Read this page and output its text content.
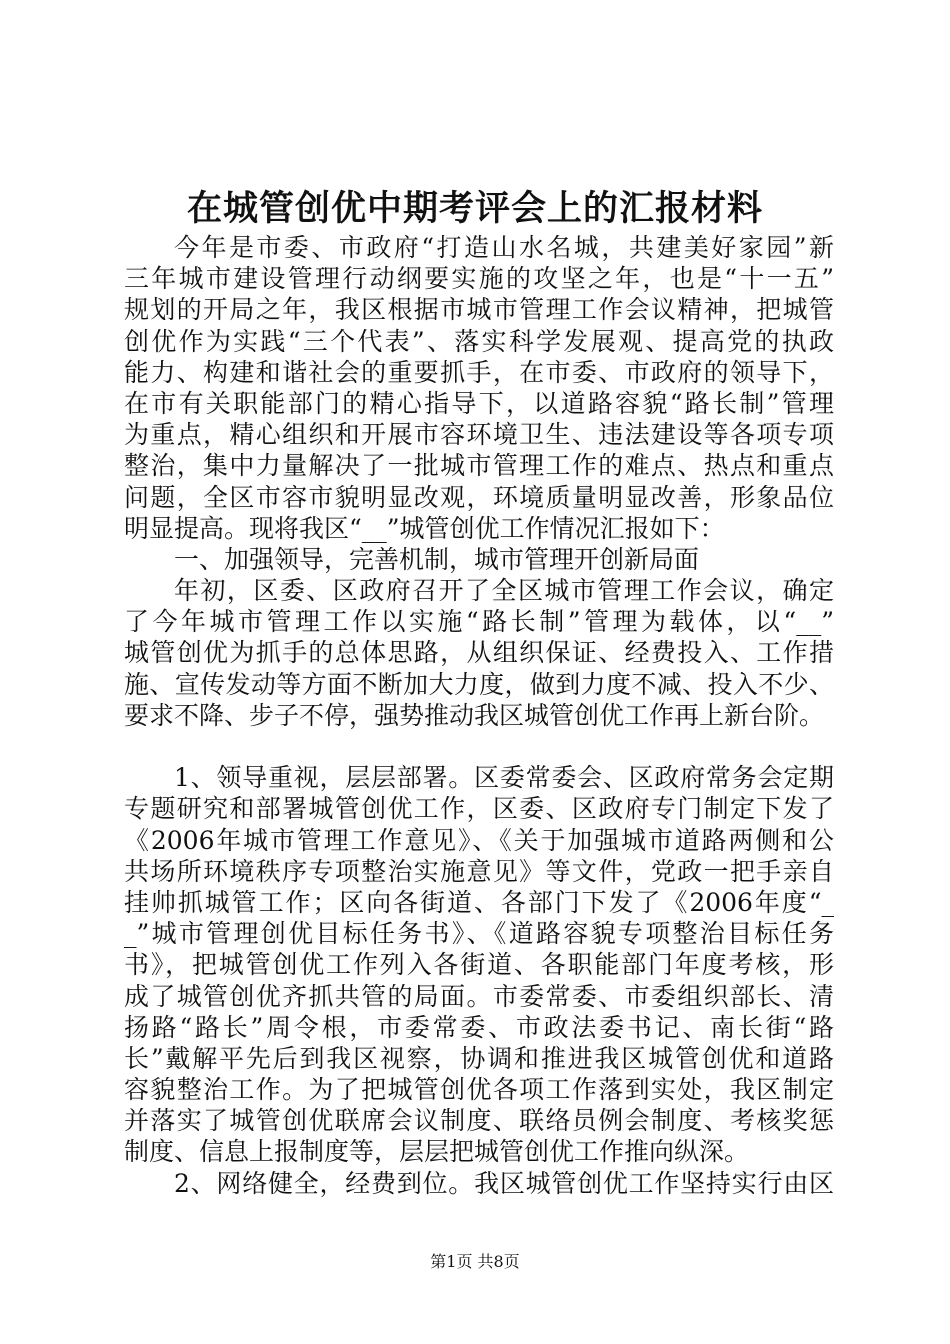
在城管创优中期考评会上的汇报材料
今年是市委、市政府“打造山水名城，共建美好家园”新
三年城市建设管理行动纲要实施的攻坚之年，也是“十一五”
规划的开局之年，我区根据市城市管理工作会议精神，把城管
创优作为实践“三个代表”、落实科学发展观、提高党的执政
能力、构建和谐社会的重要抓手，在市委、市政府的领导下，
在市有关职能部门的精心指导下，以道路容貌“路长制”管理
为重点，精心组织和开展市容环境卫生、违法建设等各项专项
整治，集中力量解决了一批城市管理工作的难点、热点和重点
问题，全区市容市貌明显改观，环境质量明显改善，形象品位
明显提高。现将我区“__”城管创优工作情况汇报如下：
一、加强领导，完善机制，城市管理开创新局面
年初，区委、区政府召开了全区城市管理工作会议，确定
了今年城市管理工作以实施“路长制”管理为载体，以“__”
城管创优为抓手的总体思路，从组织保证、经费投入、工作措
施、宣传发动等方面不断加大力度，做到力度不减、投入不少、
要求不降、步子不停，强势推动我区城管创优工作再上新台阶。
1、领导重视，层层部署。区委常委会、区政府常务会定期
专题研究和部署城管创优工作，区委、区政府专门制定下发了
《2006年城市管理工作意见》、《关于加强城市道路两侧和公
共场所环境秩序专项整治实施意见》等文件，党政一把手亲自
挂帅抓城管工作；区向各街道、各部门下发了《2006年度“_
_”城市管理创优目标任务书》、《道路容貌专项整治目标任务
书》，把城管创优工作列入各街道、各职能部门年度考核，形
成了城管创优齐抓共管的局面。市委常委、市委组织部长、清
扬路“路长”周令根，市委常委、市政法委书记、南长街“路
长”戴解平先后到我区视察，协调和推进我区城管创优和道路
容貌整治工作。为了把城管创优各项工作落到实处，我区制定
并落实了城管创优联席会议制度、联络员例会制度、考核奖惩
制度、信息上报制度等，层层把城管创优工作推向纵深。
2、网络健全，经费到位。我区城管创优工作坚持实行由区
第1页 共8页
